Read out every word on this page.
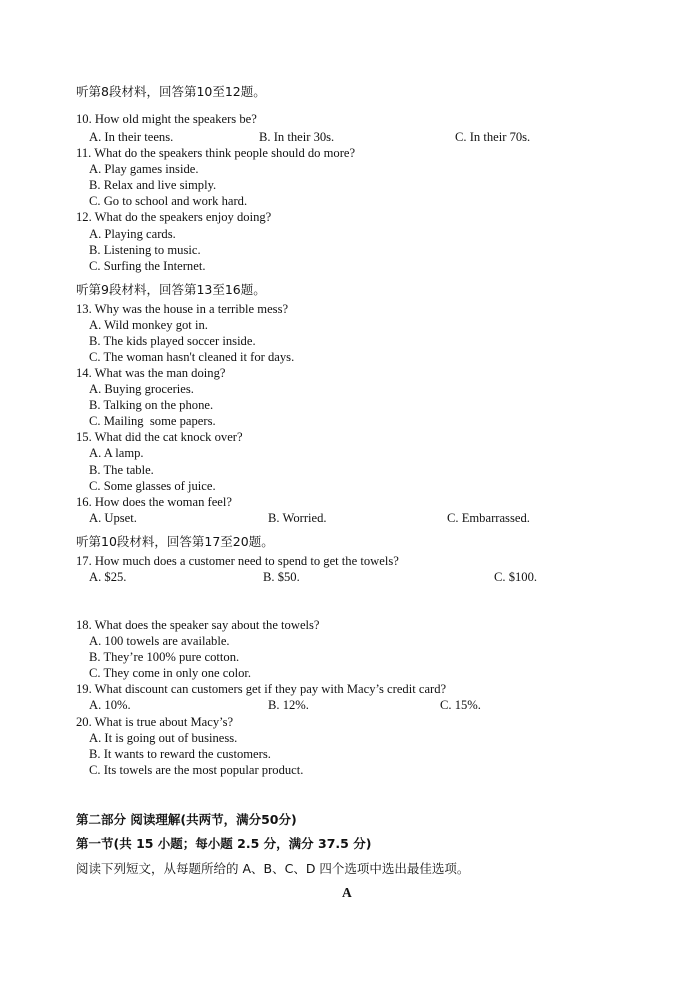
听第8段材料，回答第10至12题。
10. How old might the speakers be?
A. In their teens.	B. In their 30s.	C. In their 70s.
11. What do the speakers think people should do more?
A. Play games inside.
B. Relax and live simply.
C. Go to school and work hard.
12. What do the speakers enjoy doing?
A. Playing cards.
B. Listening to music.
C. Surfing the Internet.
听第9段材料，回答第13至16题。
13. Why was the house in a terrible mess?
A. Wild monkey got in.
B. The kids played soccer inside.
C. The woman hasn't cleaned it for days.
14. What was the man doing?
A. Buying groceries.
B. Talking on the phone.
C. Mailing  some papers.
15. What did the cat knock over?
A. A lamp.
B. The table.
C. Some glasses of juice.
16. How does the woman feel?
A. Upset.	B. Worried.	C. Embarrassed.
听第10段材料，回答第17至20题。
17. How much does a customer need to spend to get the towels?
A. $25.	B. $50.	C. $100.
18. What does the speaker say about the towels?
A. 100 towels are available.
B. They’re 100% pure cotton.
C. They come in only one color.
19. What discount can customers get if they pay with Macy’s credit card?
A. 10%.	B. 12%.	C. 15%.
20. What is true about Macy’s?
A. It is going out of business.
B. It wants to reward the customers.
C. Its towels are the most popular product.
第二部分 阅读理解(共两节，满分50分)
第一节(共 15 小题；每小题 2.5 分，满分 37.5 分)
阅读下列短文，从每题所给的 A、B、C、D 四个选项中选出最佳选项。
A
